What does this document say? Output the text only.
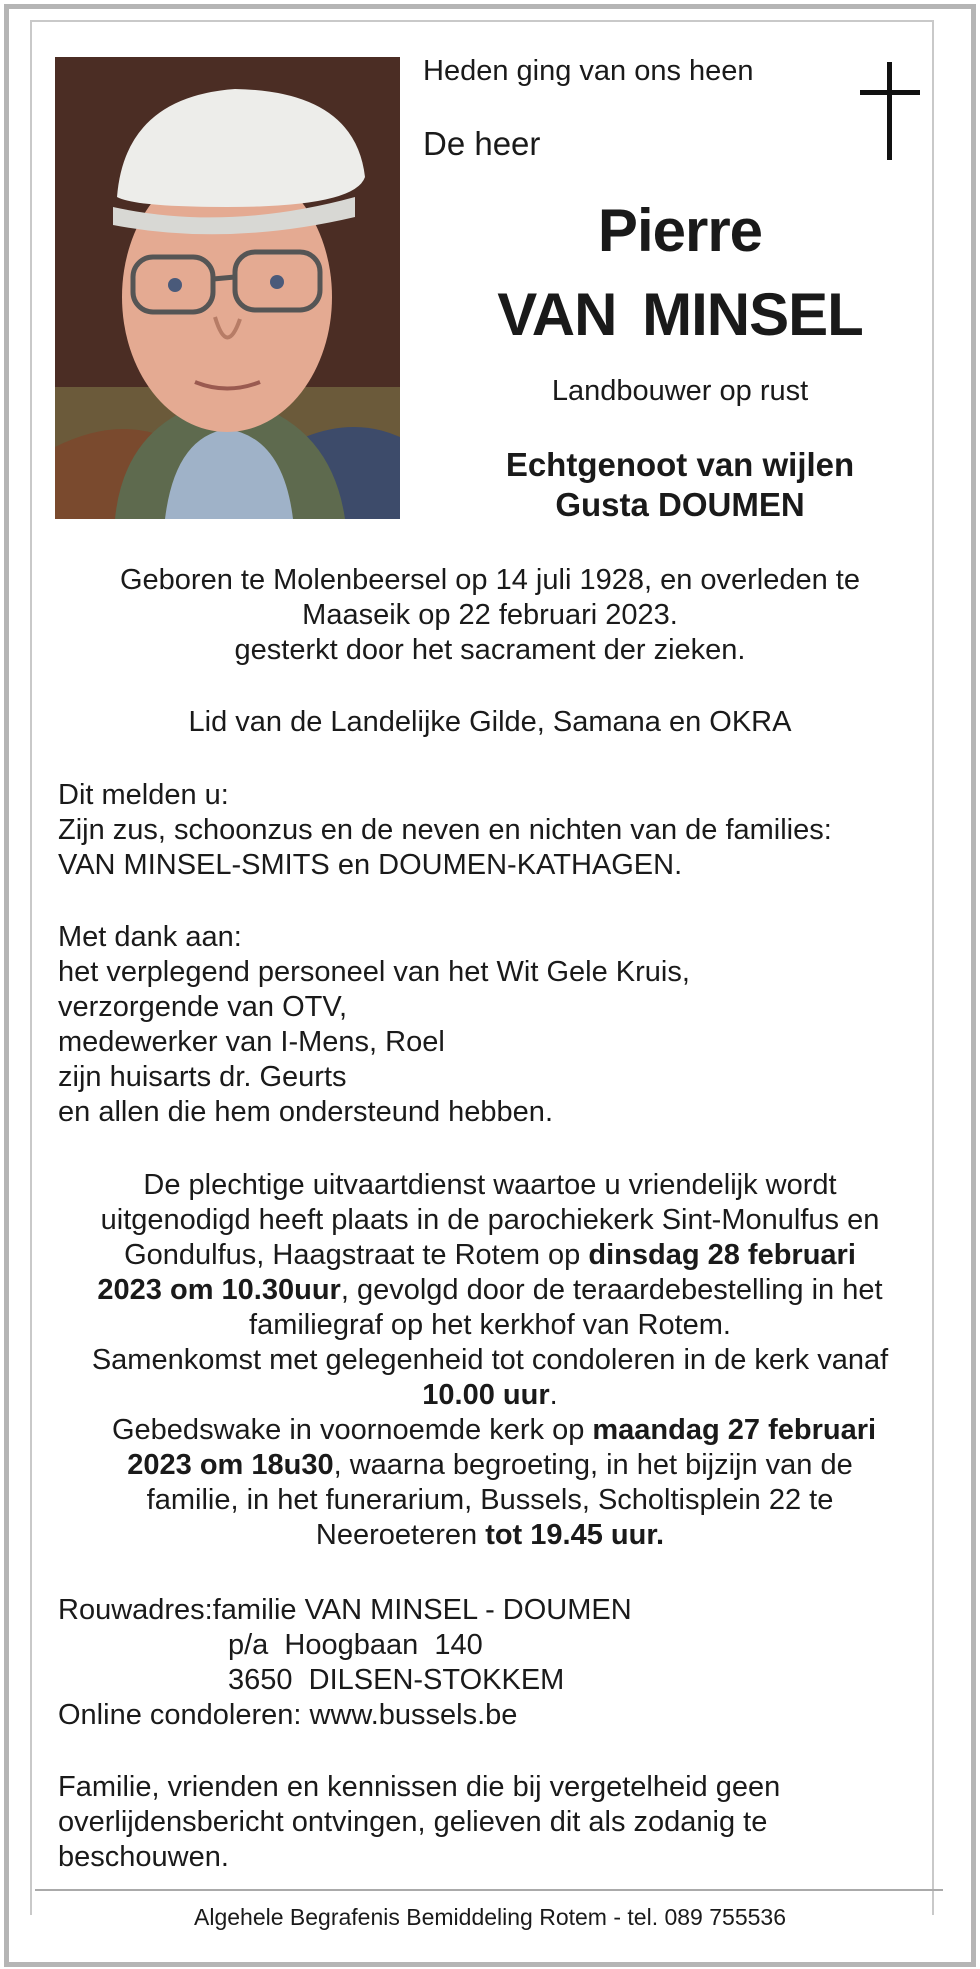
Heden ging van ons heen
De heer
Pierre
VAN MINSEL
Landbouwer op rust
Echtgenoot van wijlen
Gusta DOUMEN
Geboren te Molenbeersel op 14 juli 1928, en overleden te
Maaseik op 22 februari 2023.
gesterkt door het sacrament der zieken.
Lid van de Landelijke Gilde, Samana en OKRA
Dit melden u:
Zijn zus, schoonzus en de neven en nichten van de families:
VAN MINSEL-SMITS en DOUMEN-KATHAGEN.
Met dank aan:
het verplegend personeel van het Wit Gele Kruis,
verzorgende van OTV,
medewerker van I-Mens, Roel
zijn huisarts dr. Geurts
en allen die hem ondersteund hebben.
De plechtige uitvaartdienst waartoe u vriendelijk wordt
uitgenodigd heeft plaats in de parochiekerk Sint-Monulfus en
Gondulfus, Haagstraat te Rotem op dinsdag 28 februari
2023 om 10.30uur, gevolgd door de teraardebestelling in het
familiegraf op het kerkhof van Rotem.
Samenkomst met gelegenheid tot condoleren in de kerk vanaf
10.00 uur.
Gebedswake in voornoemde kerk op maandag 27 februari
2023 om 18u30, waarna begroeting, in het bijzijn van de
familie, in het funerarium, Bussels, Scholtisplein 22 te
Neeroeteren tot 19.45 uur.
Rouwadres:familie VAN MINSEL - DOUMEN
p/a  Hoogbaan  140
3650  DILSEN-STOKKEM
Online condoleren: www.bussels.be
Familie, vrienden en kennissen die bij vergetelheid geen
overlijdensbericht ontvingen, gelieven dit als zodanig te
beschouwen.
Algehele Begrafenis Bemiddeling Rotem - tel. 089 755536
